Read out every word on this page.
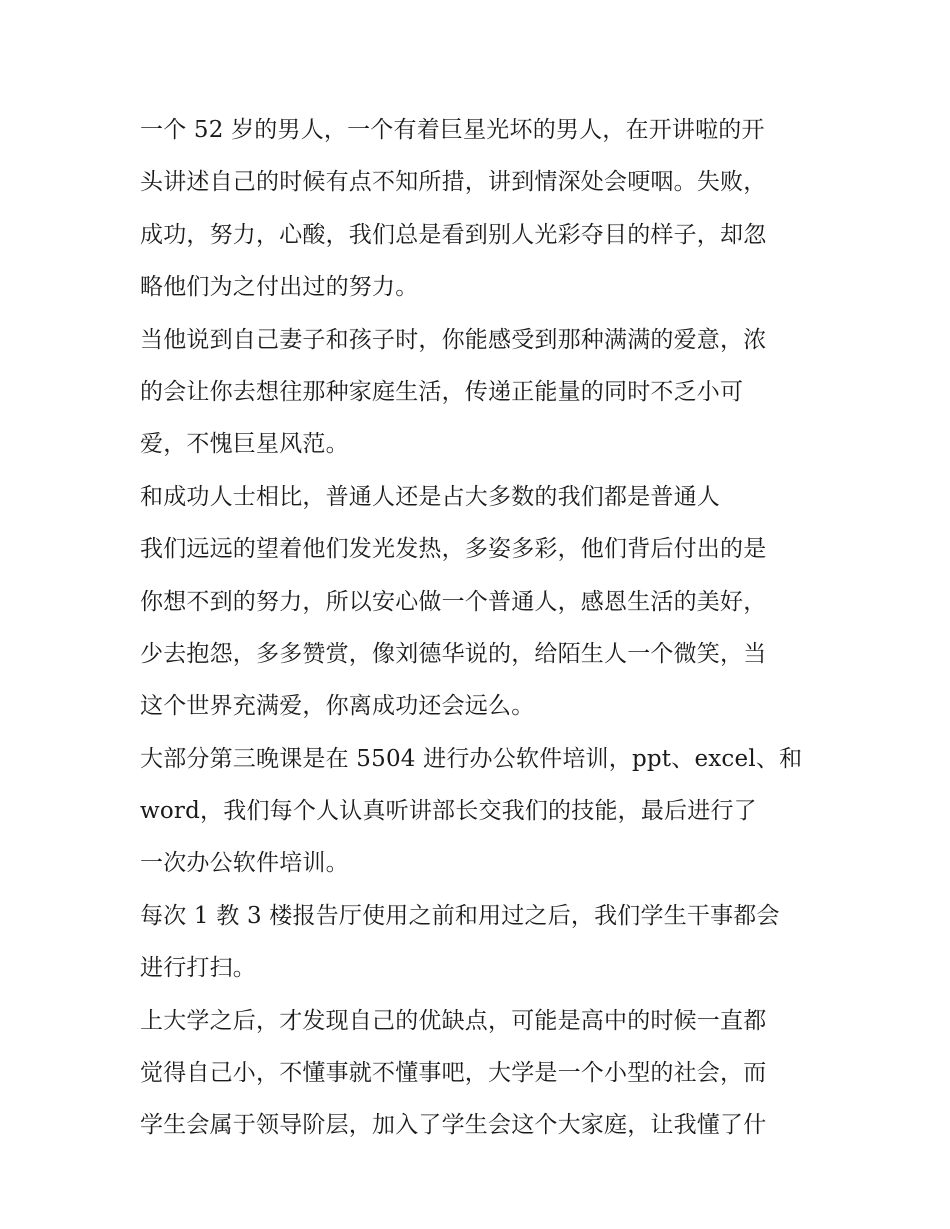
一个 52 岁的男人，一个有着巨星光坏的男人，在开讲啦的开
头讲述自己的时候有点不知所措，讲到情深处会哽咽。失败，
成功，努力，心酸，我们总是看到别人光彩夺目的样子，却忽
略他们为之付出过的努力。
当他说到自己妻子和孩子时，你能感受到那种满满的爱意，浓
的会让你去想往那种家庭生活，传递正能量的同时不乏小可
爱，不愧巨星风范。
和成功人士相比，普通人还是占大多数的我们都是普通人
我们远远的望着他们发光发热，多姿多彩，他们背后付出的是
你想不到的努力，所以安心做一个普通人，感恩生活的美好，
少去抱怨，多多赞赏，像刘德华说的，给陌生人一个微笑，当
这个世界充满爱，你离成功还会远么。
大部分第三晚课是在 5504 进行办公软件培训，ppt、excel、和
word，我们每个人认真听讲部长交我们的技能，最后进行了
一次办公软件培训。
每次 1 教 3 楼报告厅使用之前和用过之后，我们学生干事都会
进行打扫。
上大学之后，才发现自己的优缺点，可能是高中的时候一直都
觉得自己小，不懂事就不懂事吧，大学是一个小型的社会，而
学生会属于领导阶层，加入了学生会这个大家庭，让我懂了什
